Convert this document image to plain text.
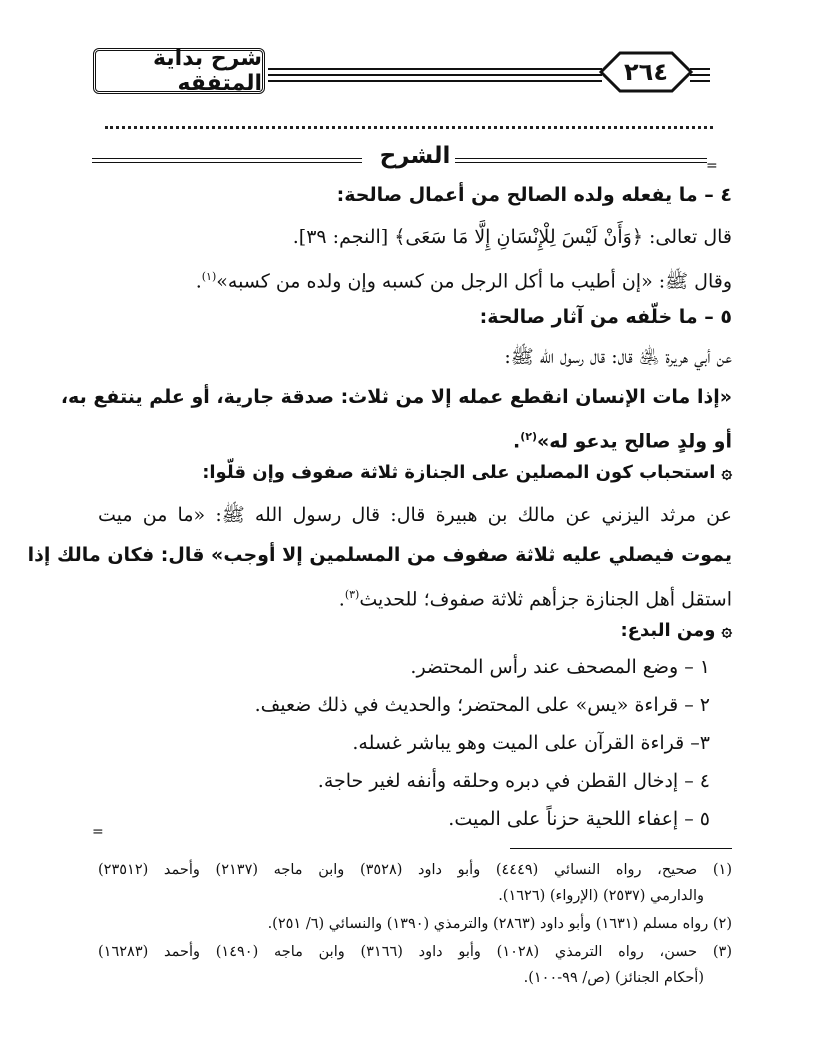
شرح بداية المتفقه	٢٦٤
الشرح	=
٤ – ما يفعله ولده الصالح من أعمال صالحة:
قال تعالى: ﴿وَأَنْ لَيْسَ لِلْإِنْسَانِ إِلَّا مَا سَعَى﴾ [النجم: ٣٩].
وقال ﷺ: «إن أطيب ما أكل الرجل من كسبه وإن ولده من كسبه»$^{(١)}$.
٥ – ما خلّفه من آثار صالحة:
عن أبي هريرة ﵁ قال: قال رسول الله ﷺ:
«إذا مات الإنسان انقطع عمله إلا من ثلاث: صدقة جارية، أو علم ينتفع به،
أو ولدٍ صالح يدعو له»$^{(٢)}$.
۞
استحباب كون المصلين على الجنازة ثلاثة صفوف وإن قلّوا:
عن مرثد اليزني عن مالك بن هبيرة قال: قال رسول الله ﷺ: «ما من ميت
يموت فيصلي عليه ثلاثة صفوف من المسلمين إلا أوجب» قال: فكان مالك إذا
استقل أهل الجنازة جزأهم ثلاثة صفوف؛ للحديث$^{(٣)}$.
۞
ومن البدع:
١ – وضع المصحف عند رأس المحتضر.
٢ – قراءة «يس» على المحتضر؛ والحديث في ذلك ضعيف.
٣– قراءة القرآن على الميت وهو يباشر غسله.
٤ – إدخال القطن في دبره وحلقه وأنفه لغير حاجة.
٥ – إعفاء اللحية حزناً على الميت.
=
(١) صحيح، رواه النسائي (٤٤٤٩) وأبو داود (٣٥٢٨) وابن ماجه (٢١٣٧) وأحمد (٢٣٥١٢)
والدارمي (٢٥٣٧) (الإرواء) (١٦٢٦).
(٢) رواه مسلم (١٦٣١) وأبو داود (٢٨٦٣) والترمذي (١٣٩٠) والنسائي (٦/ ٢٥١).
(٣) حسن، رواه الترمذي (١٠٢٨) وأبو داود (٣١٦٦) وابن ماجه (١٤٩٠) وأحمد (١٦٢٨٣)
(أحكام الجنائز) (ص/ ٩٩-١٠٠).
